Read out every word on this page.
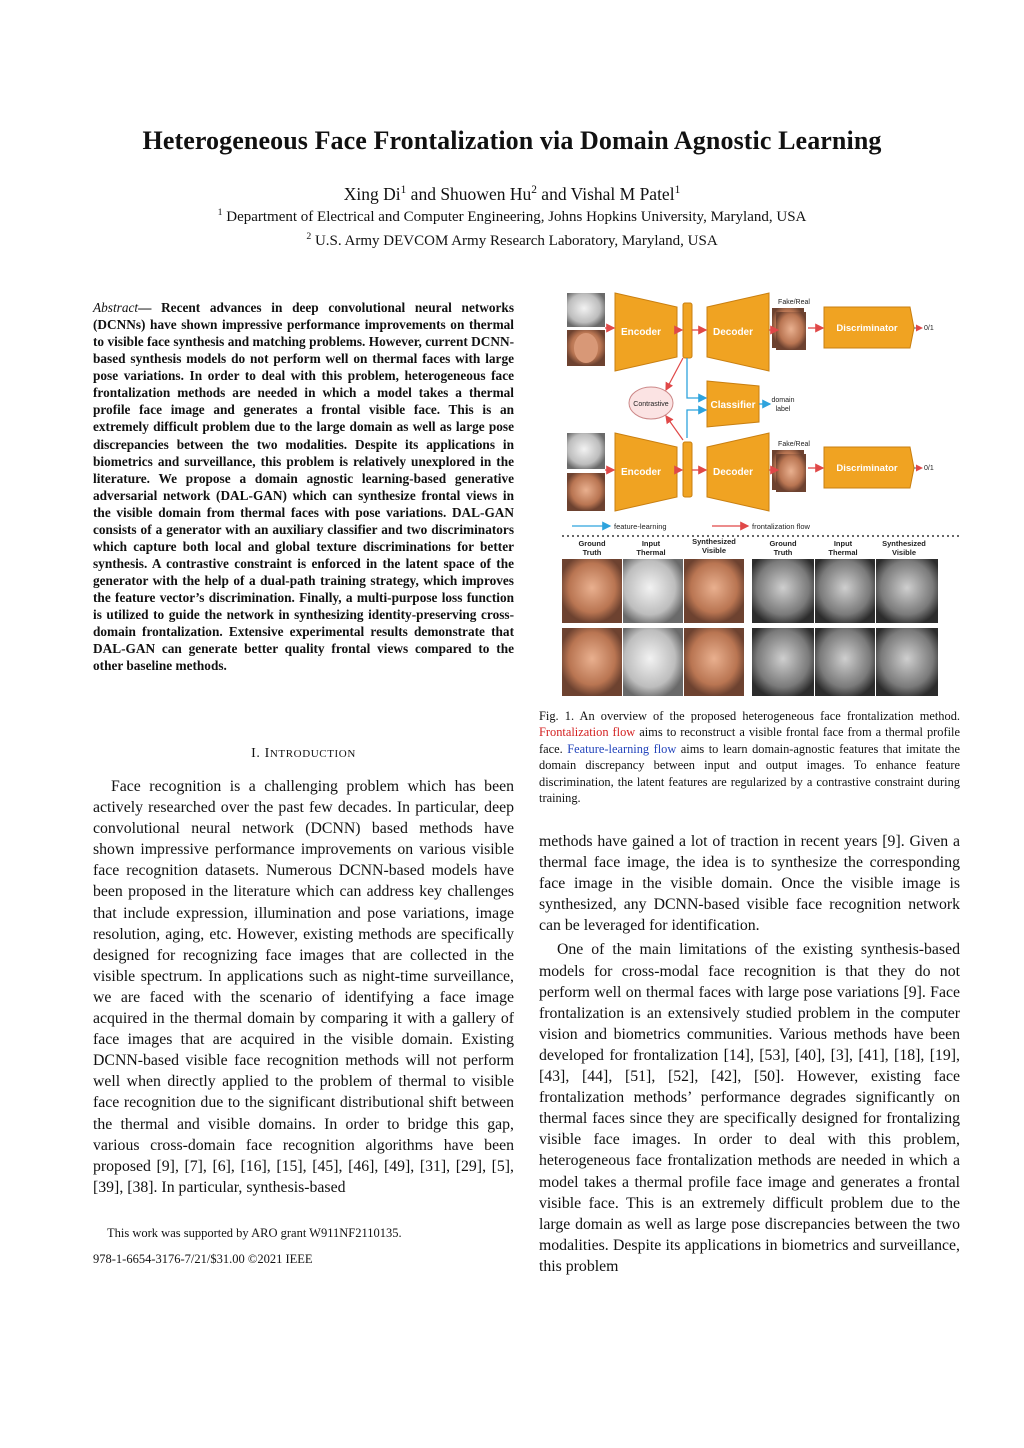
Heterogeneous Face Frontalization via Domain Agnostic Learning
Xing Di$^1$ and Shuowen Hu$^2$ and Vishal M Patel$^1$
$^1$ Department of Electrical and Computer Engineering, Johns Hopkins University, Maryland, USA
$^2$ U.S. Army DEVCOM Army Research Laboratory, Maryland, USA
Abstract— Recent advances in deep convolutional neural networks (DCNNs) have shown impressive performance improvements on thermal to visible face synthesis and matching problems. However, current DCNN-based synthesis models do not perform well on thermal faces with large pose variations. In order to deal with this problem, heterogeneous face frontalization methods are needed in which a model takes a thermal profile face image and generates a frontal visible face. This is an extremely difficult problem due to the large domain as well as large pose discrepancies between the two modalities. Despite its applications in biometrics and surveillance, this problem is relatively unexplored in the literature. We propose a domain agnostic learning-based generative adversarial network (DAL-GAN) which can synthesize frontal views in the visible domain from thermal faces with pose variations. DAL-GAN consists of a generator with an auxiliary classifier and two discriminators which capture both local and global texture discriminations for better synthesis. A contrastive constraint is enforced in the latent space of the generator with the help of a dual-path training strategy, which improves the feature vector’s discrimination. Finally, a multi-purpose loss function is utilized to guide the network in synthesizing identity-preserving cross-domain frontalization. Extensive experimental results demonstrate that DAL-GAN can generate better quality frontal views compared to the other baseline methods.
I. INTRODUCTION

Face recognition is a challenging problem which has been actively researched over the past few decades. In particular, deep convolutional neural network (DCNN) based methods have shown impressive performance improvements on various visible face recognition datasets. Numerous DCNN-based models have been proposed in the literature which can address key challenges that include expression, illumination and pose variations, image resolution, aging, etc. However, existing methods are specifically designed for recognizing face images that are collected in the visible spectrum. In applications such as night-time surveillance, we are faced with the scenario of identifying a face image acquired in the thermal domain by comparing it with a gallery of face images that are acquired in the visible domain. Existing DCNN-based visible face recognition methods will not perform well when directly applied to the problem of thermal to visible face recognition due to the significant distributional shift between the thermal and visible domains. In order to bridge this gap, various cross-domain face recognition algorithms have been proposed [9], [7], [6], [16], [15], [45], [46], [49], [31], [29], [5], [39], [38]. In particular, synthesis-based

This work was supported by ARO grant W911NF2110135.
978-1-6654-3176-7/21/$31.00 ©2021 IEEE
Encoder	Decoder
Fake/Real
Discriminator	0/1
Contrastive	Classifier domain
label
Encoder	Decoder
Fake/Real
Discriminator	0/1
feature-learning	frontalization flow
Ground
Truth
Input
Thermal
Synthesized
Visible
Ground
Truth
Input
Thermal
Synthesized
Visible
Fig. 1. An overview of the proposed heterogeneous face frontalization method. Frontalization flow aims to reconstruct a visible frontal face from a thermal profile face. Feature-learning flow aims to learn domain-agnostic features that imitate the domain discrepancy between input and output images. To enhance feature discrimination, the latent features are regularized by a contrastive constraint during training.

methods have gained a lot of traction in recent years [9]. Given a thermal face image, the idea is to synthesize the corresponding face image in the visible domain. Once the visible image is synthesized, any DCNN-based visible face recognition network can be leveraged for identification.

One of the main limitations of the existing synthesis-based models for cross-modal face recognition is that they do not perform well on thermal faces with large pose variations [9]. Face frontalization is an extensively studied problem in the computer vision and biometrics communities. Various methods have been developed for frontalization [14], [53], [40], [3], [41], [18], [19], [43], [44], [51], [52], [42], [50]. However, existing face frontalization methods’ performance degrades significantly on thermal faces since they are specifically designed for frontalizing visible face images. In order to deal with this problem, heterogeneous face frontalization methods are needed in which a model takes a thermal profile face image and generates a frontal visible face. This is an extremely difficult problem due to the large domain as well as large pose discrepancies between the two modalities. Despite its applications in biometrics and surveillance, this problem
